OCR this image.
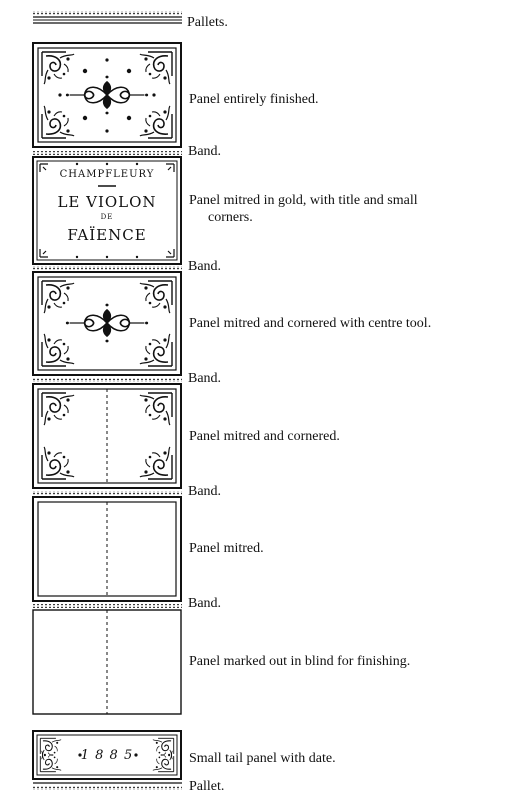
CHAMPFLEURY
LE VIOLON
DE
FAÏENCE
1 8 8 5
Pallets.
Panel entirely finished.
Band.
Panel mitred in gold, with title and small
corners.
Band.
Panel mitred and cornered with centre tool.
Band.
Panel mitred and cornered.
Band.
Panel mitred.
Band.
Panel marked out in blind for finishing.
Small tail panel with date.
Pallet.
